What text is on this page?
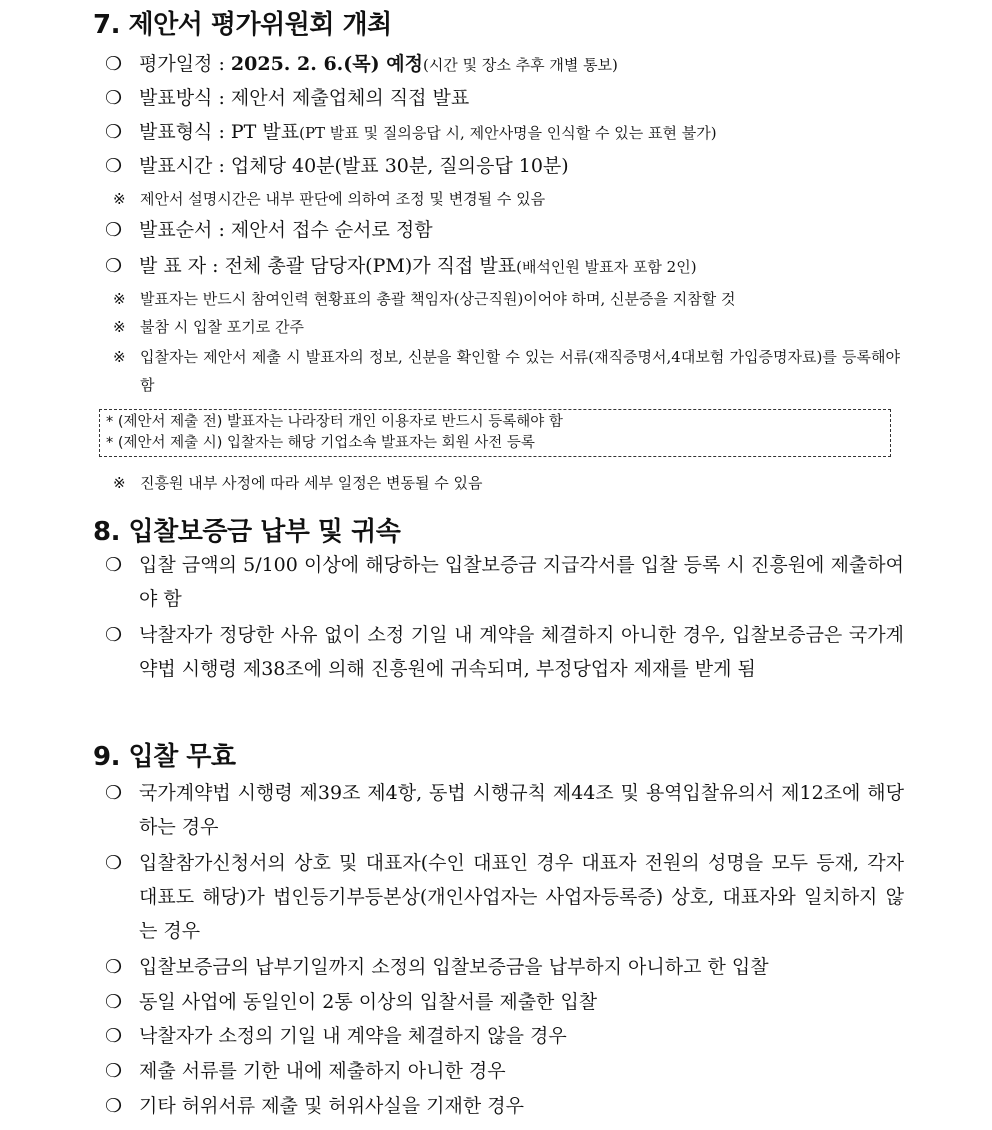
7. 제안서 평가위원회 개최
❍ 평가일정 : 2025. 2. 6.(목) 예정(시간 및 장소 추후 개별 통보)
❍ 발표방식 : 제안서 제출업체의 직접 발표
❍ 발표형식 : PT 발표(PT 발표 및 질의응답 시, 제안사명을 인식할 수 있는 표현 불가)
❍ 발표시간 : 업체당 40분(발표 30분, 질의응답 10분)
※ 제안서 설명시간은 내부 판단에 의하여 조정 및 변경될 수 있음
❍ 발표순서 : 제안서 접수 순서로 정함
❍ 발 표 자 : 전체 총괄 담당자(PM)가 직접 발표(배석인원 발표자 포함 2인)
※ 발표자는 반드시 참여인력 현황표의 총괄 책임자(상근직원)이어야 하며, 신분증을 지참할 것
※ 불참 시 입찰 포기로 간주
※ 입찰자는 제안서 제출 시 발표자의 정보, 신분을 확인할 수 있는 서류(재직증명서,4대보험 가입증명자료)를 등록해야 함
* (제안서 제출 전) 발표자는 나라장터 개인 이용자로 반드시 등록해야 함
* (제안서 제출 시) 입찰자는 해당 기업소속 발표자는 회원 사전 등록
※ 진흥원 내부 사정에 따라 세부 일정은 변동될 수 있음
8. 입찰보증금 납부 및 귀속
❍ 입찰 금액의 5/100 이상에 해당하는 입찰보증금 지급각서를 입찰 등록 시 진흥원에 제출하여야 함
❍ 낙찰자가 정당한 사유 없이 소정 기일 내 계약을 체결하지 아니한 경우, 입찰보증금은 국가계약법 시행령 제38조에 의해 진흥원에 귀속되며, 부정당업자 제재를 받게 됨
9. 입찰 무효
❍ 국가계약법 시행령 제39조 제4항, 동법 시행규칙 제44조 및 용역입찰유의서 제12조에 해당하는 경우
❍ 입찰참가신청서의 상호 및 대표자(수인 대표인 경우 대표자 전원의 성명을 모두 등재, 각자 대표도 해당)가 법인등기부등본상(개인사업자는 사업자등록증) 상호, 대표자와 일치하지 않는 경우
❍ 입찰보증금의 납부기일까지 소정의 입찰보증금을 납부하지 아니하고 한 입찰
❍ 동일 사업에 동일인이 2통 이상의 입찰서를 제출한 입찰
❍ 낙찰자가 소정의 기일 내 계약을 체결하지 않을 경우
❍ 제출 서류를 기한 내에 제출하지 아니한 경우
❍ 기타 허위서류 제출 및 허위사실을 기재한 경우
